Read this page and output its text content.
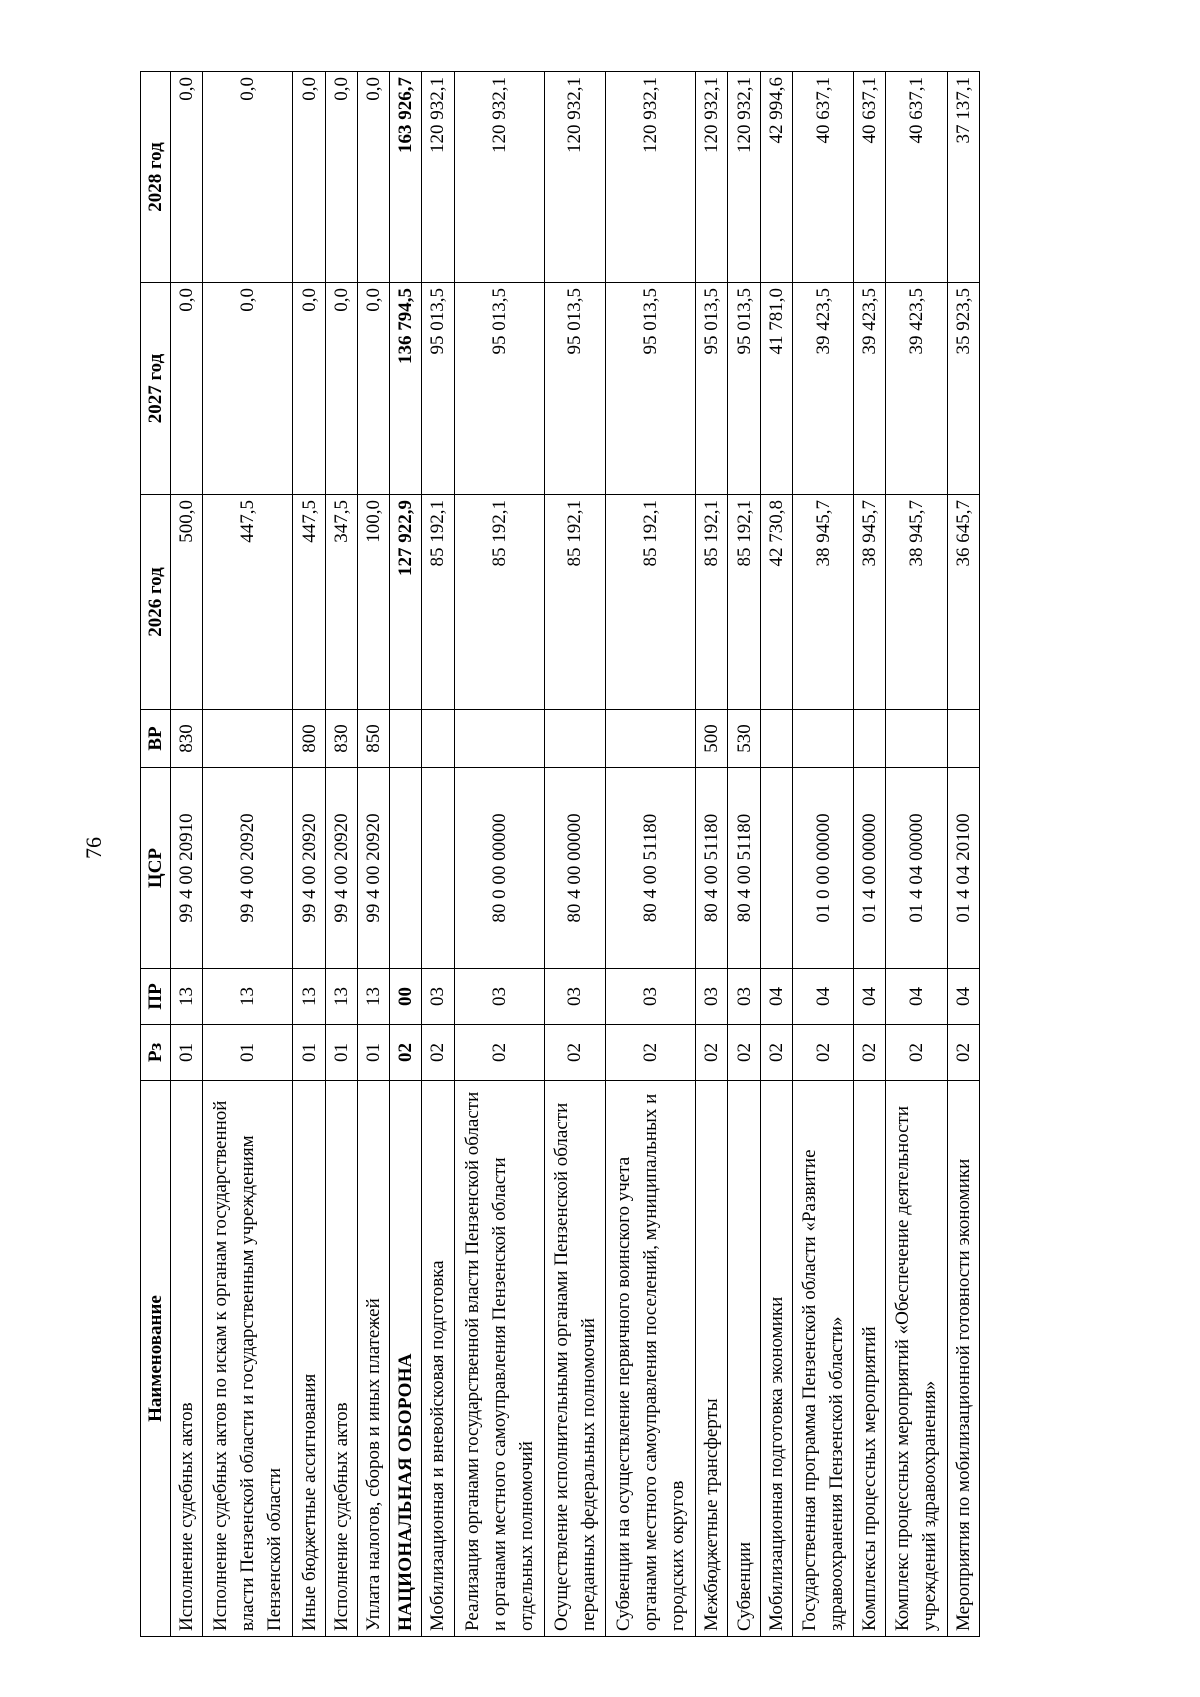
76
Наименование	Рз	ПР	ЦСР	ВР	2026 год	2027 год	2028 год
Исполнение судебных актов	01	13	99 4 00 20910	830	500,0	0,0	0,0
Исполнение судебных актов по искам к органам государственной власти Пензенской области и государственным учреждениям Пензенской области	01	13	99 4 00 20920		447,5	0,0	0,0
Иные бюджетные ассигнования	01	13	99 4 00 20920	800	447,5	0,0	0,0
Исполнение судебных актов	01	13	99 4 00 20920	830	347,5	0,0	0,0
Уплата налогов, сборов и иных платежей	01	13	99 4 00 20920	850	100,0	0,0	0,0
НАЦИОНАЛЬНАЯ ОБОРОНА	02	00			127 922,9	136 794,5	163 926,7
Мобилизационная и вневойсковая подготовка	02	03			85 192,1	95 013,5	120 932,1
Реализация органами государственной власти Пензенской области и органами местного самоуправления Пензенской области отдельных полномочий	02	03	80 0 00 00000		85 192,1	95 013,5	120 932,1
Осуществление исполнительными органами Пензенской области переданных федеральных полномочий	02	03	80 4 00 00000		85 192,1	95 013,5	120 932,1
Субвенции на осуществление первичного воинского учета органами местного самоуправления поселений, муниципальных и городских округов	02	03	80 4 00 51180		85 192,1	95 013,5	120 932,1
Межбюджетные трансферты	02	03	80 4 00 51180	500	85 192,1	95 013,5	120 932,1
Субвенции	02	03	80 4 00 51180	530	85 192,1	95 013,5	120 932,1
Мобилизационная подготовка экономики	02	04			42 730,8	41 781,0	42 994,6
Государственная программа Пензенской области «Развитие здравоохранения Пензенской области»	02	04	01 0 00 00000		38 945,7	39 423,5	40 637,1
Комплексы процессных мероприятий	02	04	01 4 00 00000		38 945,7	39 423,5	40 637,1
Комплекс процессных мероприятий «Обеспечение деятельности учреждений здравоохранения»	02	04	01 4 04 00000		38 945,7	39 423,5	40 637,1
Мероприятия по мобилизационной готовности экономики	02	04	01 4 04 20100		36 645,7	35 923,5	37 137,1
